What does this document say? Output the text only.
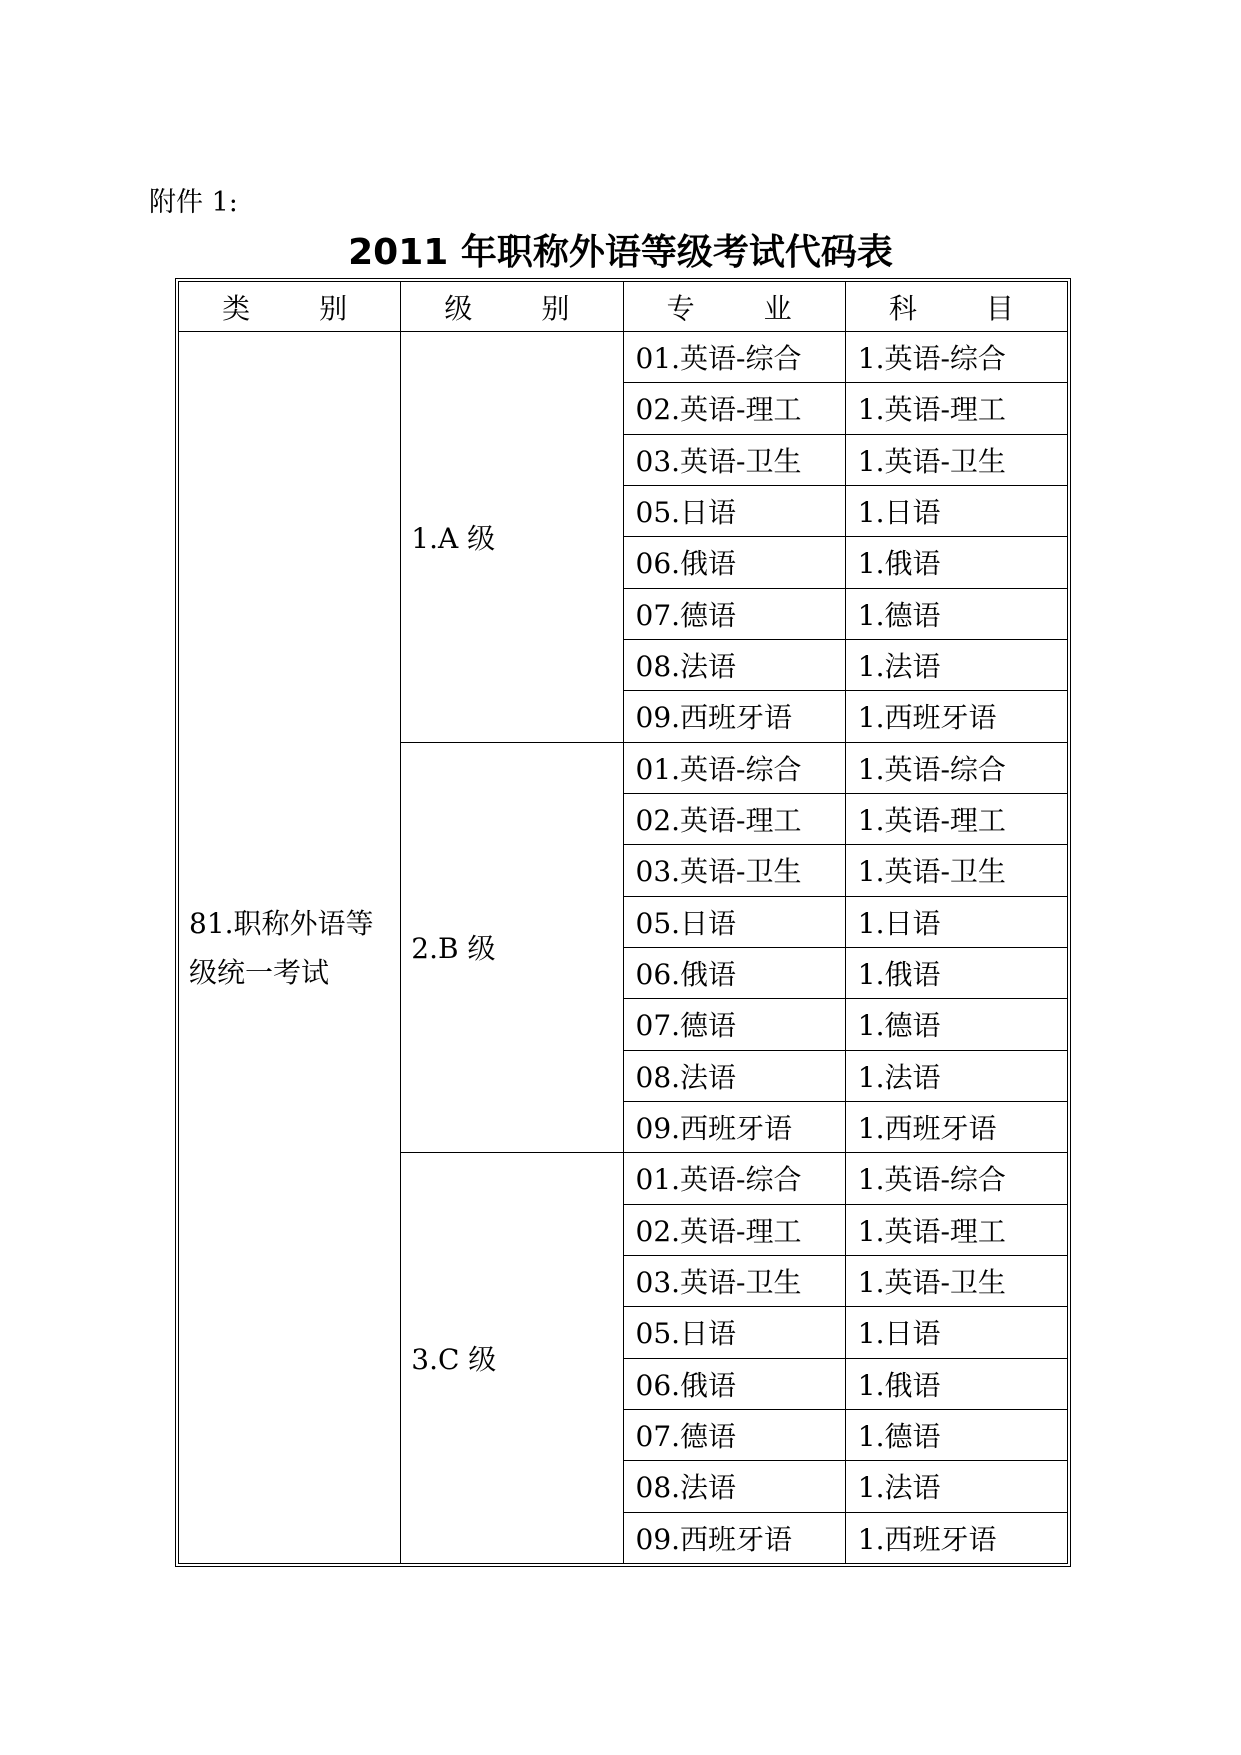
附件 1:
2011 年职称外语等级考试代码表
类 别	级 别	专 业	科 目
81.职称外语等级统一考试	1.A 级	01.英语-综合	1.英语-综合
		02.英语-理工	1.英语-理工
		03.英语-卫生	1.英语-卫生
		05.日语	1.日语
		06.俄语	1.俄语
		07.德语	1.德语
		08.法语	1.法语
		09.西班牙语	1.西班牙语
	2.B 级	01.英语-综合	1.英语-综合
		02.英语-理工	1.英语-理工
		03.英语-卫生	1.英语-卫生
		05.日语	1.日语
		06.俄语	1.俄语
		07.德语	1.德语
		08.法语	1.法语
		09.西班牙语	1.西班牙语
	3.C 级	01.英语-综合	1.英语-综合
		02.英语-理工	1.英语-理工
		03.英语-卫生	1.英语-卫生
		05.日语	1.日语
		06.俄语	1.俄语
		07.德语	1.德语
		08.法语	1.法语
		09.西班牙语	1.西班牙语
